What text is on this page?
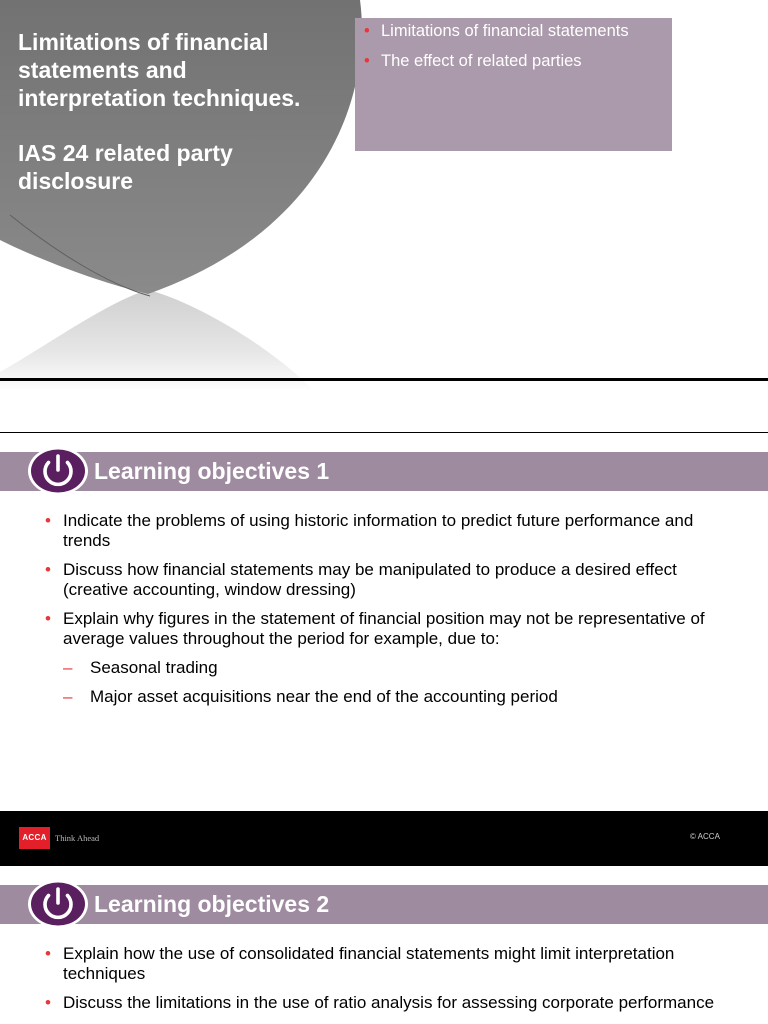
Limitations of financial
statements and
interpretation techniques.
IAS 24 related party
disclosure
• Limitations of financial statements
• The effect of related parties
Learning objectives 1
• Indicate the problems of using historic information to predict future performance and trends
• Discuss how financial statements may be manipulated to produce a desired effect (creative accounting, window dressing)
• Explain why figures in the statement of financial position may not be representative of average values throughout the period for example, due to:
– Seasonal trading
– Major asset acquisitions near the end of the accounting period
ACCA Think Ahead	© ACCA
Learning objectives 2
• Explain how the use of consolidated financial statements might limit interpretation techniques
• Discuss the limitations in the use of ratio analysis for assessing corporate performance
